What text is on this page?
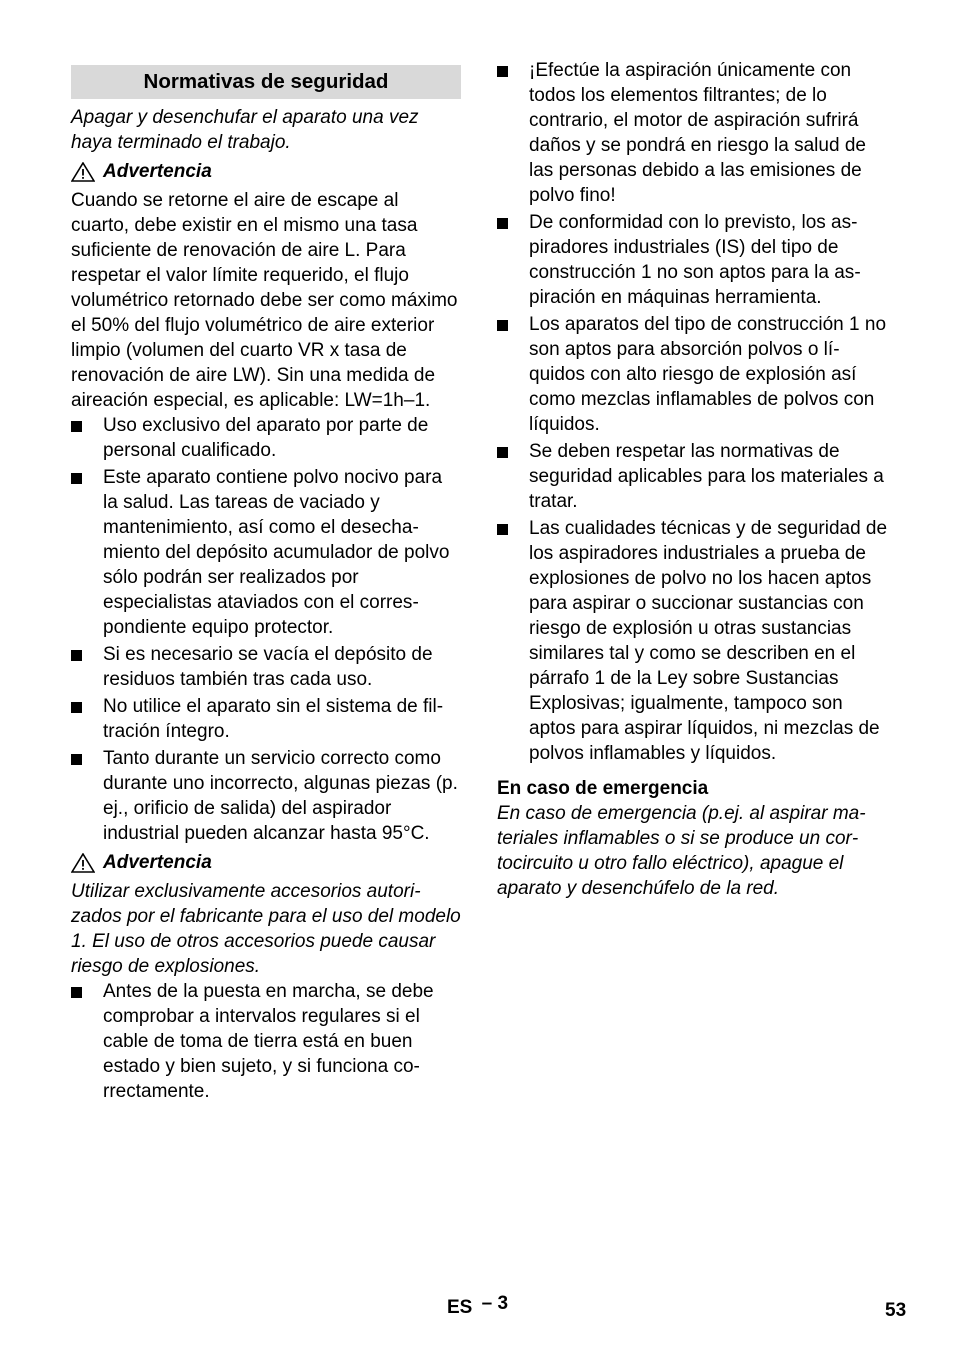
Normativas de seguridad

Apagar y desenchufar el aparato una vez haya terminado el trabajo.

Advertencia

Cuando se retorne el aire de escape al cuarto, debe existir en el mismo una tasa suficiente de renovación de aire L. Para respetar el valor límite requerido, el flujo volumétrico retornado debe ser como máximo el 50% del flujo volumétrico de aire exterior limpio (volumen del cuarto VR x tasa de renovación de aire LW). Sin una medida de aireación especial, es aplicable: LW=1h–1.

Uso exclusivo del aparato por parte de personal cualificado.
Este aparato contiene polvo nocivo para la salud. Las tareas de vaciado y mantenimiento, así como el desechamiento del depósito acumulador de polvo sólo podrán ser realizados por especialistas ataviados con el correspondiente equipo protector.
Si es necesario se vacía el depósito de residuos también tras cada uso.
No utilice el aparato sin el sistema de filtración íntegro.
Tanto durante un servicio correcto como durante uno incorrecto, algunas piezas (p. ej., orificio de salida) del aspirador industrial pueden alcanzar hasta 95°C.
Advertencia

Utilizar exclusivamente accesorios autorizados por el fabricante para el uso del modelo 1. El uso de otros accesorios puede causar riesgo de explosiones.

Antes de la puesta en marcha, se debe comprobar a intervalos regulares si el cable de toma de tierra está en buen estado y bien sujeto, y si funciona correctamente.
¡Efectúe la aspiración únicamente con todos los elementos filtrantes; de lo contrario, el motor de aspiración sufrirá daños y se pondrá en riesgo la salud de las personas debido a las emisiones de polvo fino!
De conformidad con lo previsto, los aspiradores industriales (IS) del tipo de construcción 1 no son aptos para la aspiración en máquinas herramienta.
Los aparatos del tipo de construcción 1 no son aptos para absorción polvos o líquidos con alto riesgo de explosión así como mezclas inflamables de polvos con líquidos.
Se deben respetar las normativas de seguridad aplicables para los materiales a tratar.
Las cualidades técnicas y de seguridad de los aspiradores industriales a prueba de explosiones de polvo no los hacen aptos para aspirar o succionar sustancias con riesgo de explosión u otras sustancias similares tal y como se describen en el párrafo 1 de la Ley sobre Sustancias Explosivas; igualmente, tampoco son aptos para aspirar líquidos, ni mezclas de polvos inflamables y líquidos.
En caso de emergencia

En caso de emergencia (p.ej. al aspirar materiales inflamables o si se produce un cortocircuito u otro fallo eléctrico), apague el aparato y desenchúfelo de la red.

ES – 3	53
